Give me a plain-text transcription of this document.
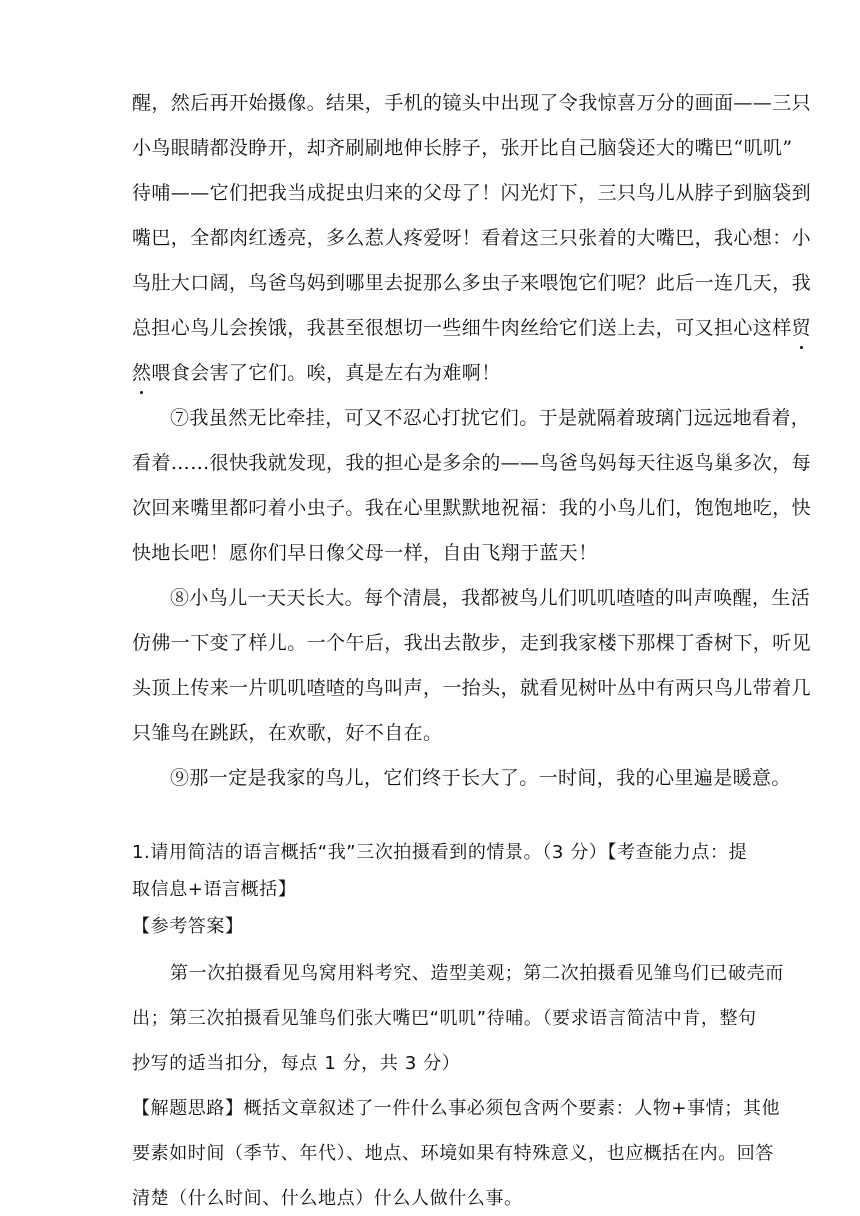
醒，然后再开始摄像。结果，手机的镜头中出现了令我惊喜万分的画面——三只
小鸟眼睛都没睁开，却齐刷刷地伸长脖子，张开比自己脑袋还大的嘴巴“叽叽”
待哺——它们把我当成捉虫归来的父母了！闪光灯下，三只鸟儿从脖子到脑袋到
嘴巴，全都肉红透亮，多么惹人疼爱呀！看着这三只张着的大嘴巴，我心想：小
鸟肚大口阔，鸟爸鸟妈到哪里去捉那么多虫子来喂饱它们呢？此后一连几天，我
总担心鸟儿会挨饿，我甚至很想切一些细牛肉丝给它们送上去，可又担心这样贸
然喂食会害了它们。唉，真是左右为难啊！
⑦我虽然无比牵挂，可又不忍心打扰它们。于是就隔着玻璃门远远地看着，
看着……很快我就发现，我的担心是多余的——鸟爸鸟妈每天往返鸟巢多次，每
次回来嘴里都叼着小虫子。我在心里默默地祝福：我的小鸟儿们，饱饱地吃，快
快地长吧！愿你们早日像父母一样，自由飞翔于蓝天！
⑧小鸟儿一天天长大。每个清晨，我都被鸟儿们叽叽喳喳的叫声唤醒，生活
仿佛一下变了样儿。一个午后，我出去散步，走到我家楼下那棵丁香树下，听见
头顶上传来一片叽叽喳喳的鸟叫声，一抬头，就看见树叶丛中有两只鸟儿带着几
只雏鸟在跳跃，在欢歌，好不自在。
⑨那一定是我家的鸟儿，它们终于长大了。一时间，我的心里遍是暖意。
1.请用简洁的语言概括“我”三次拍摄看到的情景。（3 分）【考查能力点：提
取信息+语言概括】
【参考答案】
第一次拍摄看见鸟窝用料考究、造型美观；第二次拍摄看见雏鸟们已破壳而
出；第三次拍摄看见雏鸟们张大嘴巴“叽叽”待哺。（要求语言简洁中肯，整句
抄写的适当扣分，每点 1 分，共 3 分）
【解题思路】概括文章叙述了一件什么事必须包含两个要素：人物+事情；其他
要素如时间（季节、年代）、地点、环境如果有特殊意义，也应概括在内。回答
清楚（什么时间、什么地点）什么人做什么事。
